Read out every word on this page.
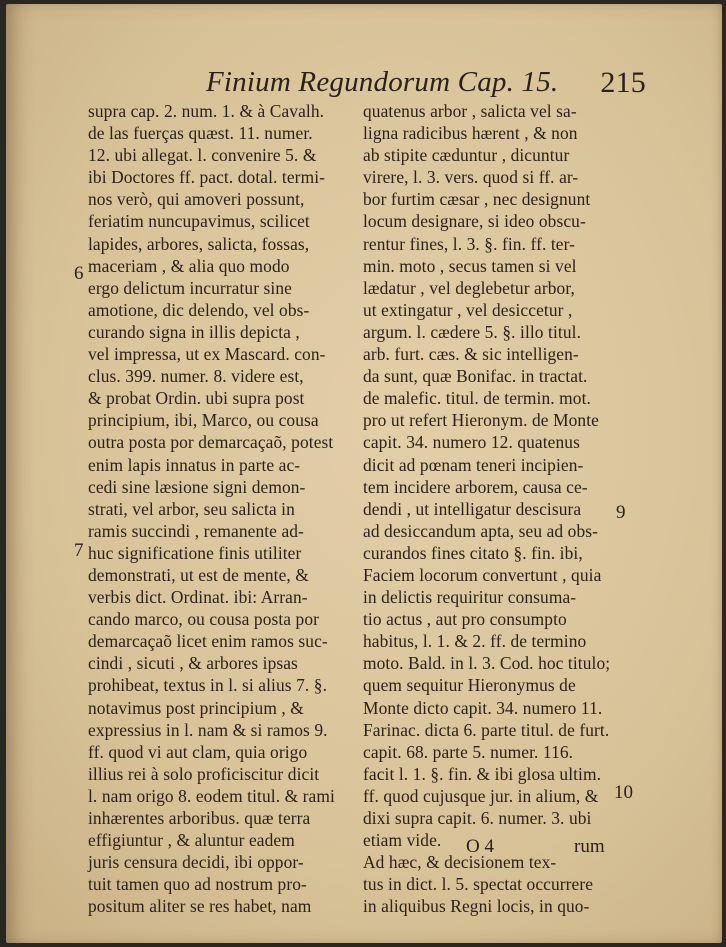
Finium Regundorum Cap. 15. 215
supra cap. 2. num. 1. & à Cavalh.
de las fuerças quæst. 11. numer.
12. ubi allegat. l. convenire 5. &
ibi Doctores ff. pact. dotal. termi-
nos verò, qui amoveri possunt,
feriatim nuncupavimus, scilicet
lapides, arbores, salicta, fossas,
maceriam , & alia quo modo
ergo delictum incurratur sine
amotione, dic delendo, vel obs-
curando signa in illis depicta ,
vel impressa, ut ex Mascard. con-
clus. 399. numer. 8. videre est,
& probat Ordin. ubi supra post
principium, ibi, Marco, ou cousa
outra posta por demarcaçaõ, potest
enim lapis innatus in parte ac-
cedi sine læsione signi demon-
strati, vel arbor, seu salicta in
ramis succindi , remanente ad-
huc significatione finis utiliter
demonstrati, ut est de mente, &
verbis dict. Ordinat. ibi: Arran-
cando marco, ou cousa posta por
demarcaçaõ licet enim ramos suc-
cindi , sicuti , & arbores ipsas
prohibeat, textus in l. si alius 7. §.
notavimus post principium , &
expressius in l. nam & si ramos 9.
ff. quod vi aut clam, quia origo
illius rei à solo proficiscitur dicit
l. nam origo 8. eodem titul. & rami
inhærentes arboribus. quæ terra
effigiuntur , & aluntur eadem
juris censura decidi, ibi oppor-
tuit tamen quo ad nostrum pro-
positum aliter se res habet, nam
quatenus arbor , salicta vel sa-
ligna radicibus hærent , & non
ab stipite cæduntur , dicuntur
virere, l. 3. vers. quod si ff. ar-
bor furtim cæsar , nec designunt
locum designare, si ideo obscu-
rentur fines, l. 3. §. fin. ff. ter-
min. moto , secus tamen si vel
lædatur , vel deglebetur arbor,
ut extingatur , vel desiccetur ,
argum. l. cædere 5. §. illo titul.
arb. furt. cæs. & sic intelligen-
da sunt, quæ Bonifac. in tractat.
de malefic. titul. de termin. mot.
pro ut refert Hieronym. de Monte
capit. 34. numero 12. quatenus
dicit ad pœnam teneri incipien-
tem incidere arborem, causa ce-
dendi , ut intelligatur descisura
ad desiccandum apta, seu ad obs-
curandos fines citato §. fin. ibi,
Faciem locorum convertunt , quia
in delictis requiritur consuma-
tio actus , aut pro consumpto
habitus, l. 1. & 2. ff. de termino
moto. Bald. in l. 3. Cod. hoc titulo;
quem sequitur Hieronymus de
Monte dicto capit. 34. numero 11.
Farinac. dicta 6. parte titul. de furt.
capit. 68. parte 5. numer. 116.
facit l. 1. §. fin. & ibi glosa ultim.
ff. quod cujusque jur. in alium, &
dixi supra capit. 6. numer. 3. ubi
etiam vide.
Ad hæc, & decisionem tex-
tus in dict. l. 5. spectat occurrere
in aliquibus Regni locis, in quo-
6
7
9
10
O 4	rum
